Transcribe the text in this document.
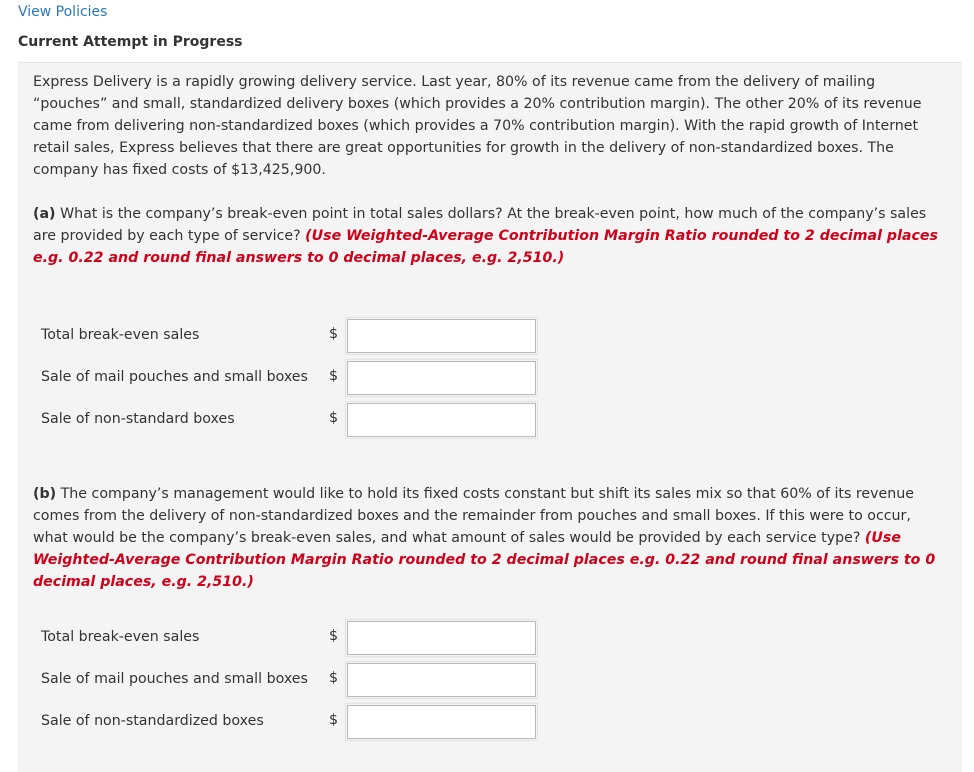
View Policies
Current Attempt in Progress
Express Delivery is a rapidly growing delivery service. Last year, 80% of its revenue came from the delivery of mailing “pouches” and small, standardized delivery boxes (which provides a 20% contribution margin). The other 20% of its revenue came from delivering non-standardized boxes (which provides a 70% contribution margin). With the rapid growth of Internet retail sales, Express believes that there are great opportunities for growth in the delivery of non-standardized boxes. The company has fixed costs of $13,425,900.
(a) What is the company’s break-even point in total sales dollars? At the break-even point, how much of the company’s sales are provided by each type of service? (Use Weighted-Average Contribution Margin Ratio rounded to 2 decimal places e.g. 0.22 and round final answers to 0 decimal places, e.g. 2,510.)
Total break-even sales	$
Sale of mail pouches and small boxes $
Sale of non-standard boxes	$
(b) The company’s management would like to hold its fixed costs constant but shift its sales mix so that 60% of its revenue comes from the delivery of non-standardized boxes and the remainder from pouches and small boxes. If this were to occur, what would be the company’s break-even sales, and what amount of sales would be provided by each service type? (Use Weighted-Average Contribution Margin Ratio rounded to 2 decimal places e.g. 0.22 and round final answers to 0 decimal places, e.g. 2,510.)
Total break-even sales	$
Sale of mail pouches and small boxes $
Sale of non-standardized boxes	$
